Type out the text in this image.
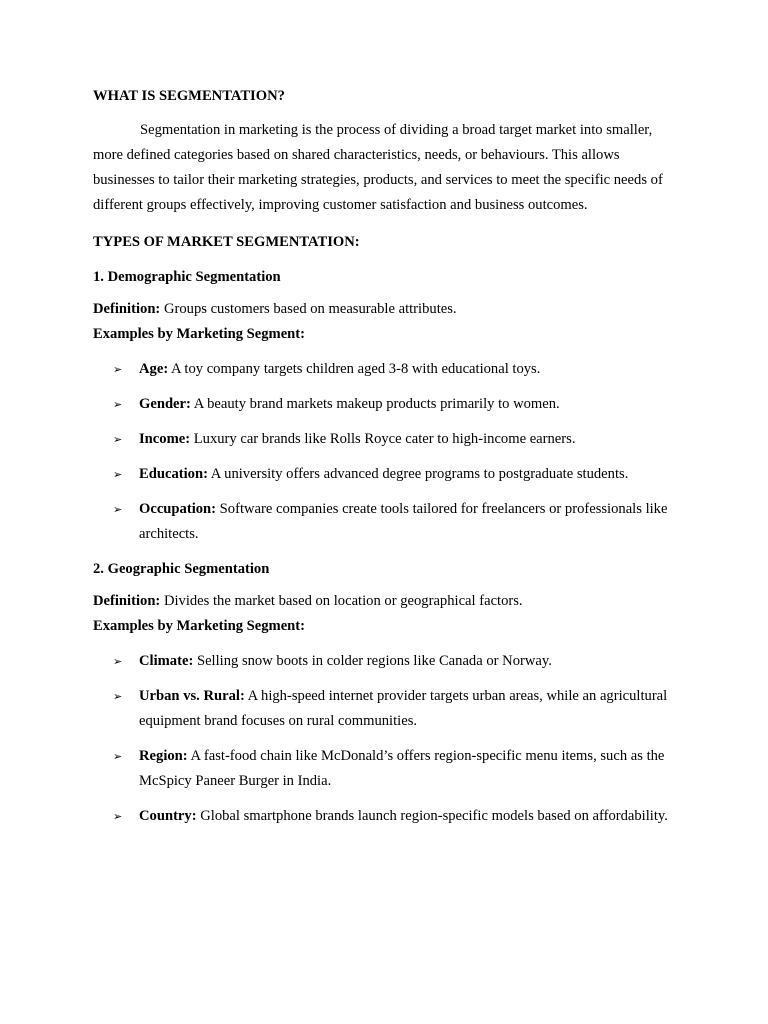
WHAT IS SEGMENTATION?

Segmentation in marketing is the process of dividing a broad target market into smaller, more defined categories based on shared characteristics, needs, or behaviours. This allows businesses to tailor their marketing strategies, products, and services to meet the specific needs of different groups effectively, improving customer satisfaction and business outcomes.

TYPES OF MARKET SEGMENTATION:

1. Demographic Segmentation

Definition: Groups customers based on measurable attributes.

Examples by Marketing Segment:

➢ Age: A toy company targets children aged 3-8 with educational toys.
➢ Gender: A beauty brand markets makeup products primarily to women.
➢ Income: Luxury car brands like Rolls Royce cater to high-income earners.
➢ Education: A university offers advanced degree programs to postgraduate students.
➢ Occupation: Software companies create tools tailored for freelancers or professionals like architects.

2. Geographic Segmentation

Definition: Divides the market based on location or geographical factors.

Examples by Marketing Segment:

➢ Climate: Selling snow boots in colder regions like Canada or Norway.
➢ Urban vs. Rural: A high-speed internet provider targets urban areas, while an agricultural equipment brand focuses on rural communities.
➢ Region: A fast-food chain like McDonald’s offers region-specific menu items, such as the McSpicy Paneer Burger in India.
➢ Country: Global smartphone brands launch region-specific models based on affordability.
